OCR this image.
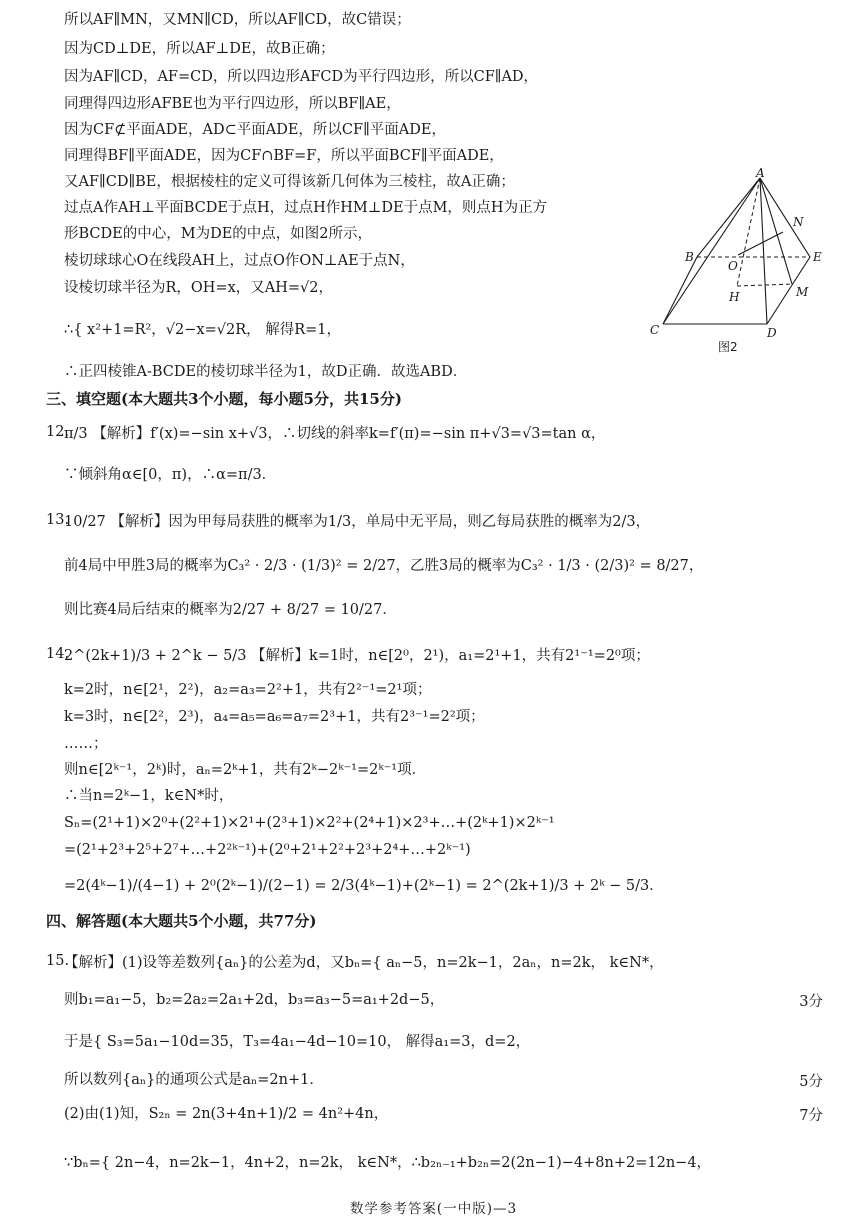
所以AF∥MN，又MN∥CD，所以AF∥CD，故C错误；
因为CD⊥DE，所以AF⊥DE，故B正确；
因为AF∥CD，AF=CD，所以四边形AFCD为平行四边形，所以CF∥AD，
同理得四边形AFBE也为平行四边形，所以BF∥AE，
因为CF⊄平面ADE，AD⊂平面ADE，所以CF∥平面ADE，
同理得BF∥平面ADE，因为CF∩BF=F，所以平面BCF∥平面ADE，
又AF∥CD∥BE，根据棱柱的定义可得该新几何体为三棱柱，故A正确；
过点A作AH⊥平面BCDE于点H，过点H作HM⊥DE于点M，则点H为正方
形BCDE的中心，M为DE的中点，如图2所示，
棱切球球心O在线段AH上，过点O作ON⊥AE于点N，
设棱切球半径为R，OH=x，又AH=√2，
∴{ x²+1=R²，√2−x=√2R， 解得R=1，
∴正四棱锥A-BCDE的棱切球半径为1，故D正确．故选ABD．
A
B
C	D
E
O
H	M
N
图2
三、填空题(本大题共3个小题，每小题5分，共15分)
12.
π/3 【解析】f′(x)=−sin x+√3，∴切线的斜率k=f′(π)=−sin π+√3=√3=tan α，
∵倾斜角α∈[0，π)，∴α=π/3．
13.
10/27 【解析】因为甲每局获胜的概率为1/3，单局中无平局，则乙每局获胜的概率为2/3，
前4局中甲胜3局的概率为C₃² · 2/3 · (1/3)² = 2/27，乙胜3局的概率为C₃² · 1/3 · (2/3)² = 8/27，
则比赛4局后结束的概率为2/27 + 8/27 = 10/27．
14.
2^(2k+1)/3 + 2^k − 5/3 【解析】k=1时，n∈[2⁰，2¹)，a₁=2¹+1，共有2¹⁻¹=2⁰项；
k=2时，n∈[2¹，2²)，a₂=a₃=2²+1，共有2²⁻¹=2¹项；
k=3时，n∈[2²，2³)，a₄=a₅=a₆=a₇=2³+1，共有2³⁻¹=2²项；
……；
则n∈[2ᵏ⁻¹，2ᵏ)时，aₙ=2ᵏ+1，共有2ᵏ−2ᵏ⁻¹=2ᵏ⁻¹项．
∴当n=2ᵏ−1，k∈N*时，
Sₙ=(2¹+1)×2⁰+(2²+1)×2¹+(2³+1)×2²+(2⁴+1)×2³+…+(2ᵏ+1)×2ᵏ⁻¹
=(2¹+2³+2⁵+2⁷+…+2²ᵏ⁻¹)+(2⁰+2¹+2²+2³+2⁴+…+2ᵏ⁻¹)
=2(4ᵏ−1)/(4−1) + 2⁰(2ᵏ−1)/(2−1) = 2/3(4ᵏ−1)+(2ᵏ−1) = 2^(2k+1)/3 + 2ᵏ − 5/3．
四、解答题(本大题共5个小题，共77分)
15.
【解析】(1)设等差数列{aₙ}的公差为d，又bₙ={ aₙ−5，n=2k−1，2aₙ，n=2k， k∈N*，
则b₁=a₁−5，b₂=2a₂=2a₁+2d，b₃=a₃−5=a₁+2d−5，	3分
于是{ S₃=5a₁−10d=35，T₃=4a₁−4d−10=10， 解得a₁=3，d=2，
所以数列{aₙ}的通项公式是aₙ=2n+1．	5分
(2)由(1)知，S₂ₙ = 2n(3+4n+1)/2 = 4n²+4n，	7分
∵bₙ={ 2n−4，n=2k−1，4n+2，n=2k， k∈N*，∴b₂ₙ₋₁+b₂ₙ=2(2n−1)−4+8n+2=12n−4，
数学参考答案(一中版)—3
